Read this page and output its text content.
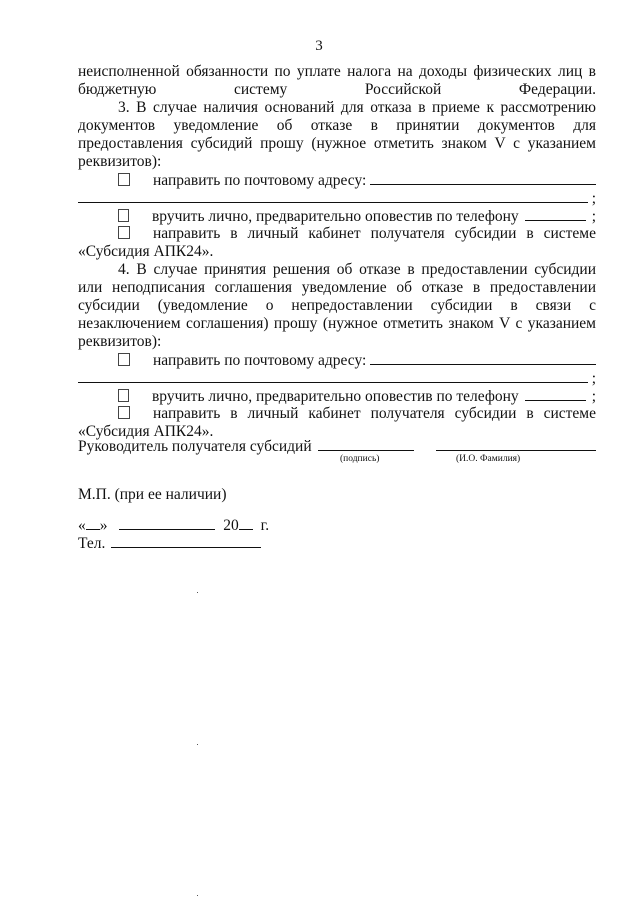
3

неисполненной обязанности по уплате налога на доходы физических лиц в бюджетную систему Российской Федерации.

3. В случае наличия оснований для отказа в приеме к рассмотрению документов уведомление об отказе в принятии документов для предоставления субсидий прошу (нужное отметить знаком V с указанием реквизитов):

направить по почтовому адресу:
;
вручить лично, предварительно оповестив по телефону	;
направить в личный кабинет получателя субсидии в системе

«Субсидия АПК24».

4. В случае принятия решения об отказе в предоставлении субсидии или неподписания соглашения уведомление об отказе в предоставлении субсидии (уведомление о непредоставлении субсидии в связи с незаключением соглашения) прошу (нужное отметить знаком V с указанием реквизитов):

направить по почтовому адресу:
;
вручить лично, предварительно оповестив по телефону	;
направить в личный кабинет получателя субсидии в системе

«Субсидия АПК24».

Руководитель получателя субсидий
(подпись)	(И.О. Фамилия)
М.П. (при ее наличии)
« »	20 г.
Тел.
